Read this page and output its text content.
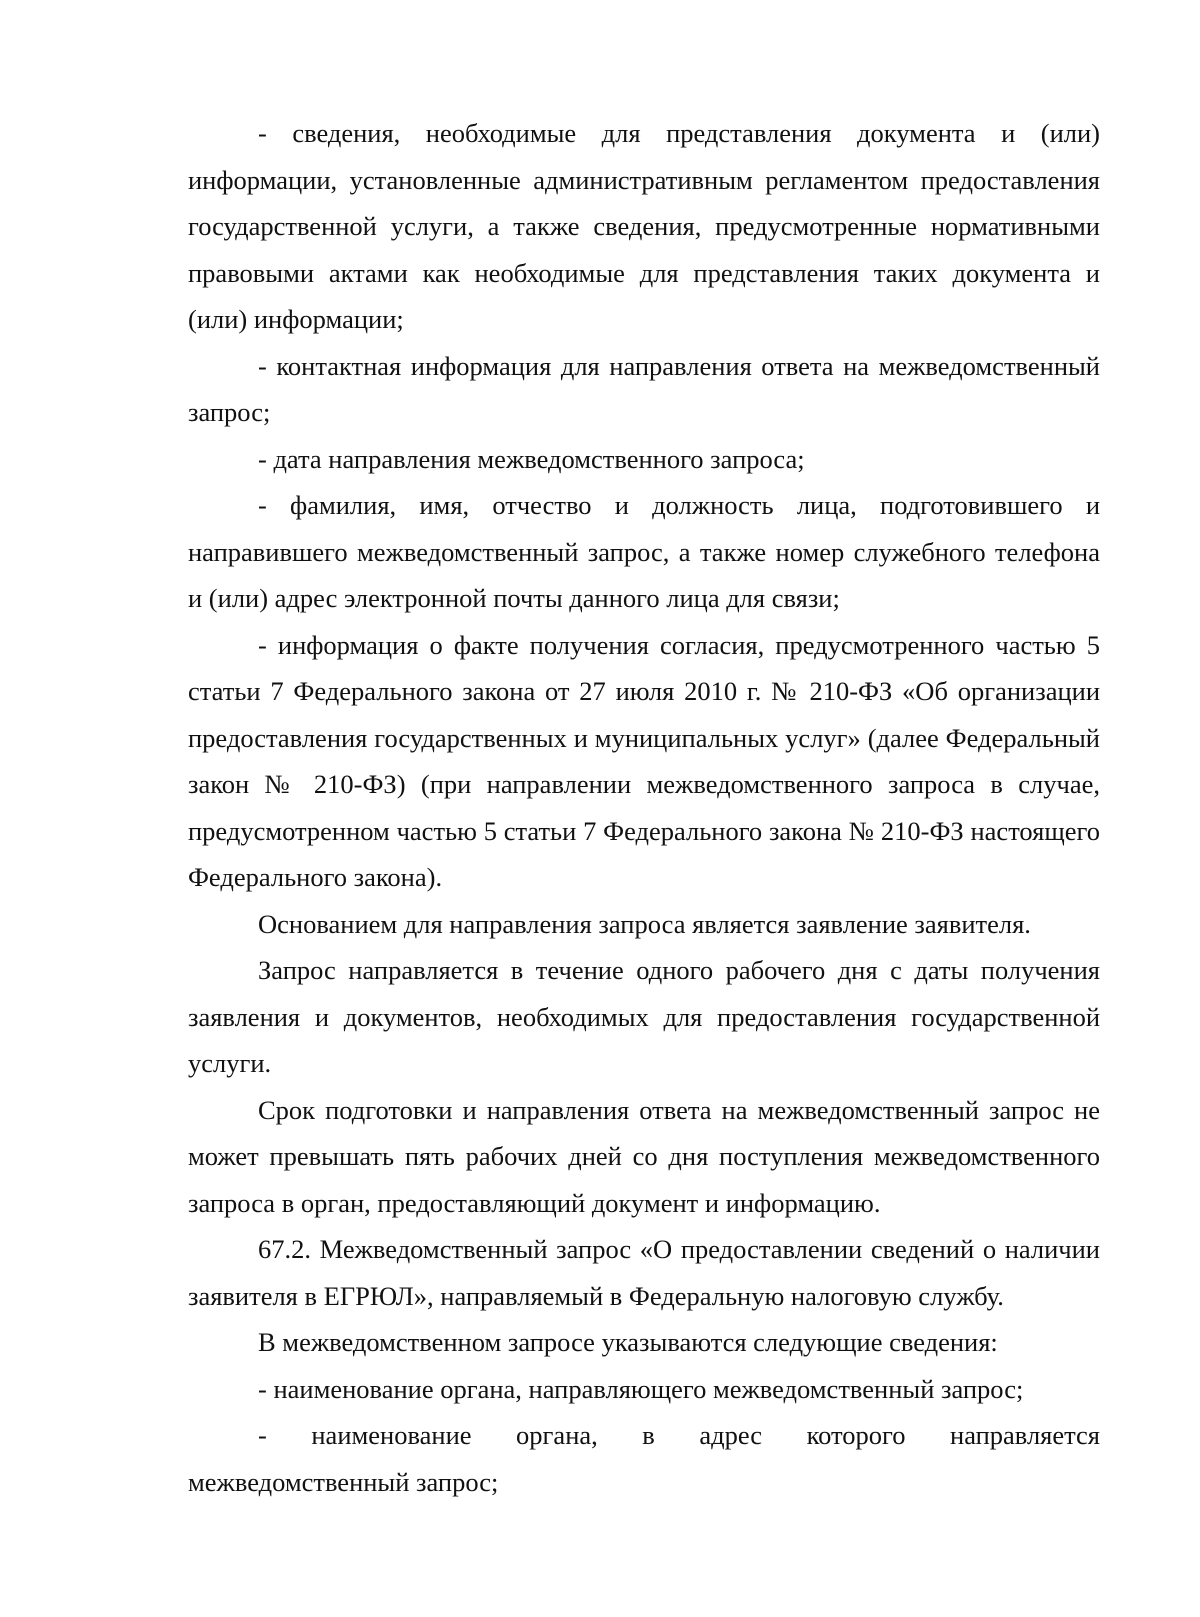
- сведения, необходимые для представления документа и (или) информации, установленные административным регламентом предоставления государственной услуги, а также сведения, предусмотренные нормативными правовыми актами как необходимые для представления таких документа и (или) информации;

- контактная информация для направления ответа на межведомственный запрос;

- дата направления межведомственного запроса;

- фамилия, имя, отчество и должность лица, подготовившего и направившего межведомственный запрос, а также номер служебного телефона и (или) адрес электронной почты данного лица для связи;

- информация о факте получения согласия, предусмотренного частью 5 статьи 7 Федерального закона от 27 июля 2010 г. № 210-ФЗ «Об организации предоставления государственных и муниципальных услуг» (далее Федеральный закон № 210-ФЗ) (при направлении межведомственного запроса в случае, предусмотренном частью 5 статьи 7 Федерального закона № 210-ФЗ настоящего Федерального закона).

Основанием для направления запроса является заявление заявителя.

Запрос направляется в течение одного рабочего дня с даты получения заявления и документов, необходимых для предоставления государственной услуги.

Срок подготовки и направления ответа на межведомственный запрос не может превышать пять рабочих дней со дня поступления межведомственного запроса в орган, предоставляющий документ и информацию.

67.2. Межведомственный запрос «О предоставлении сведений о наличии заявителя в ЕГРЮЛ», направляемый в Федеральную налоговую службу.

В межведомственном запросе указываются следующие сведения:

- наименование органа, направляющего межведомственный запрос;

- наименование органа, в адрес которого направляется межведомственный запрос;
